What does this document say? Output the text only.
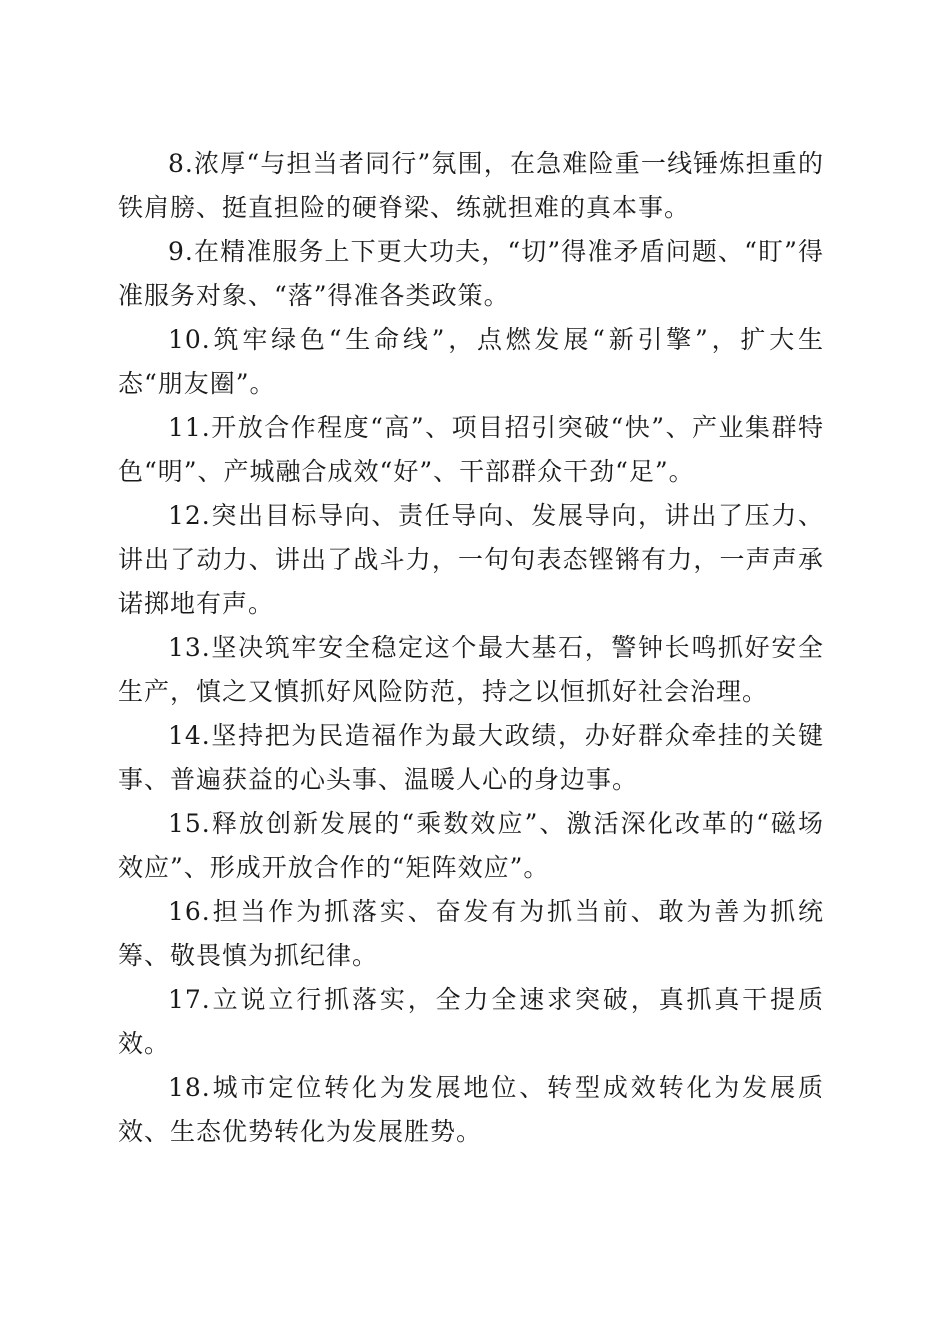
8.浓厚“与担当者同行”氛围，在急难险重一线锤炼担重的铁肩膀、挺直担险的硬脊梁、练就担难的真本事。

9.在精准服务上下更大功夫，“切”得准矛盾问题、“盯”得准服务对象、“落”得准各类政策。

10.筑牢绿色“生命线”，点燃发展“新引擎”，扩大生态“朋友圈”。

11.开放合作程度“高”、项目招引突破“快”、产业集群特色“明”、产城融合成效“好”、干部群众干劲“足”。

12.突出目标导向、责任导向、发展导向，讲出了压力、讲出了动力、讲出了战斗力，一句句表态铿锵有力，一声声承诺掷地有声。

13.坚决筑牢安全稳定这个最大基石，警钟长鸣抓好安全生产，慎之又慎抓好风险防范，持之以恒抓好社会治理。

14.坚持把为民造福作为最大政绩，办好群众牵挂的关键事、普遍获益的心头事、温暖人心的身边事。

15.释放创新发展的“乘数效应”、激活深化改革的“磁场效应”、形成开放合作的“矩阵效应”。

16.担当作为抓落实、奋发有为抓当前、敢为善为抓统筹、敬畏慎为抓纪律。

17.立说立行抓落实，全力全速求突破，真抓真干提质效。

18.城市定位转化为发展地位、转型成效转化为发展质效、生态优势转化为发展胜势。
